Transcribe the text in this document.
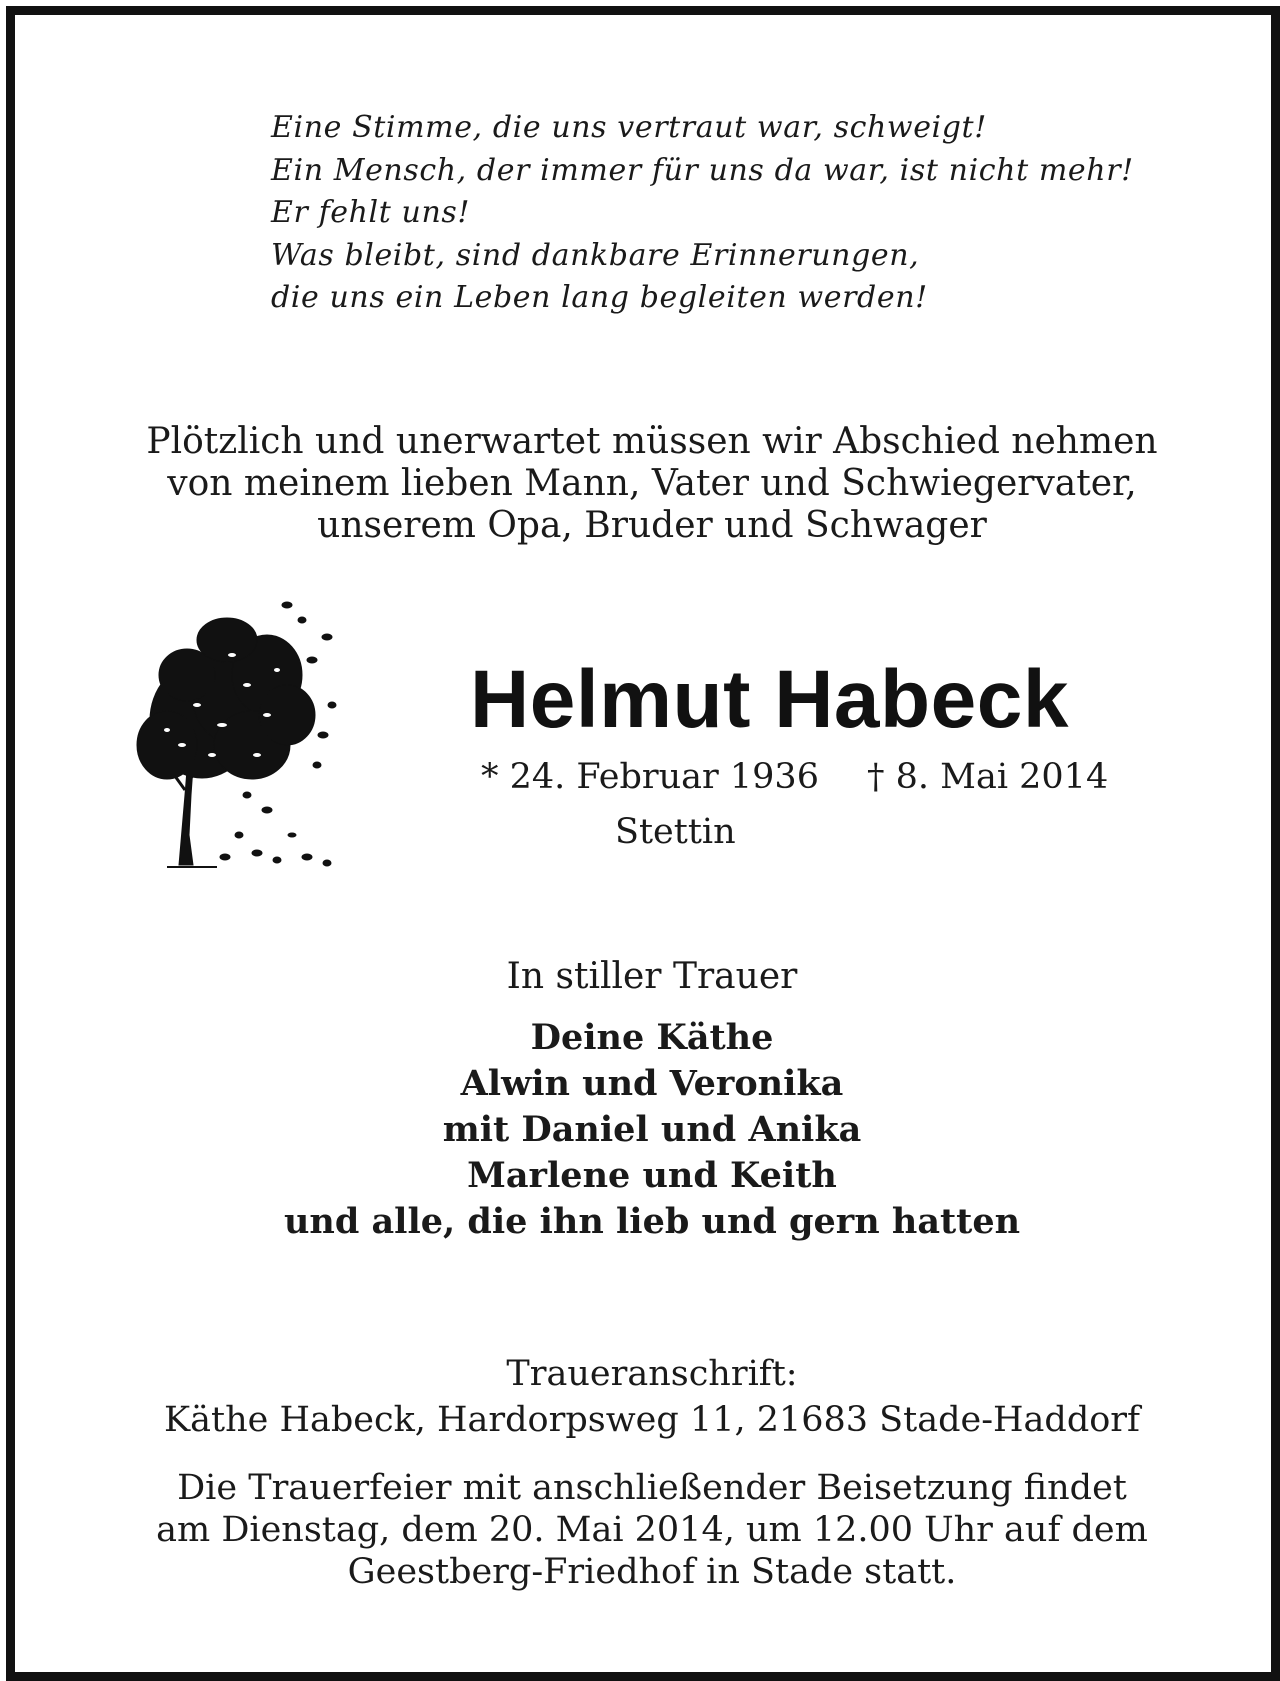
Eine Stimme, die uns vertraut war, schweigt!
Ein Mensch, der immer für uns da war, ist nicht mehr!
Er fehlt uns!
Was bleibt, sind dankbare Erinnerungen,
die uns ein Leben lang begleiten werden!
Plötzlich und unerwartet müssen wir Abschied nehmen
von meinem lieben Mann, Vater und Schwiegervater,
unserem Opa, Bruder und Schwager
Helmut Habeck
* 24. Februar 1936 † 8. Mai 2014
Stettin
In stiller Trauer
Deine Käthe
Alwin und Veronika
mit Daniel und Anika
Marlene und Keith
und alle, die ihn lieb und gern hatten
Traueranschrift:
Käthe Habeck, Hardorpsweg 11, 21683 Stade-Haddorf
Die Trauerfeier mit anschließender Beisetzung findet
am Dienstag, dem 20. Mai 2014, um 12.00 Uhr auf dem
Geestberg-Friedhof in Stade statt.
